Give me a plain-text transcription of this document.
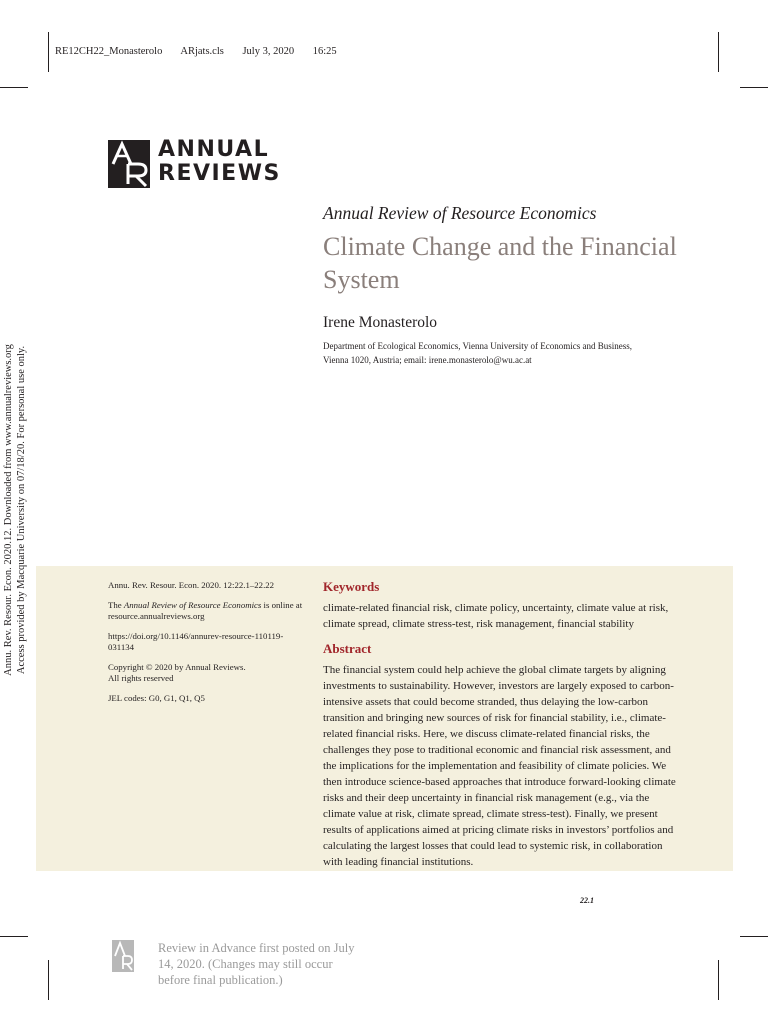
RE12CH22_Monasterolo ARjats.cls July 3, 2020 16:25
ANNUAL
REVIEWS
Annual Review of Resource Economics
Climate Change and the Financial System
Irene Monasterolo
Department of Ecological Economics, Vienna University of Economics and Business, Vienna 1020, Austria; email: irene.monasterolo@wu.ac.at
Annu. Rev. Resour. Econ. 2020.12. Downloaded from www.annualreviews.org Access provided by Macquarie University on 07/18/20. For personal use only.	Annu. Rev. Resour. Econ. 2020. 12:22.1–22.22

The Annual Review of Resource Economics is online at resource.annualreviews.org

https://doi.org/10.1146/annurev-resource-110119-031134

Copyright © 2020 by Annual Reviews.
All rights reserved

JEL codes: G0, G1, Q1, Q5

Keywords
climate-related financial risk, climate policy, uncertainty, climate value at risk, climate spread, climate stress-test, risk management, financial stability
Abstract
The financial system could help achieve the global climate targets by aligning investments to sustainability. However, investors are largely exposed to carbon-intensive assets that could become stranded, thus delaying the low-carbon transition and bringing new sources of risk for financial stability, i.e., climate-related financial risks. Here, we discuss climate-related financial risks, the challenges they pose to traditional economic and financial risk assessment, and the implications for the implementation and feasibility of climate policies. We then introduce science-based approaches that introduce forward-looking climate risks and their deep uncertainty in financial risk management (e.g., via the climate value at risk, climate spread, climate stress-test). Finally, we present results of applications aimed at pricing climate risks in investors’ portfolios and calculating the largest losses that could lead to systemic risk, in collaboration with leading financial institutions.
22.1
Review in Advance first posted on July 14, 2020. (Changes may still occur before final publication.)
